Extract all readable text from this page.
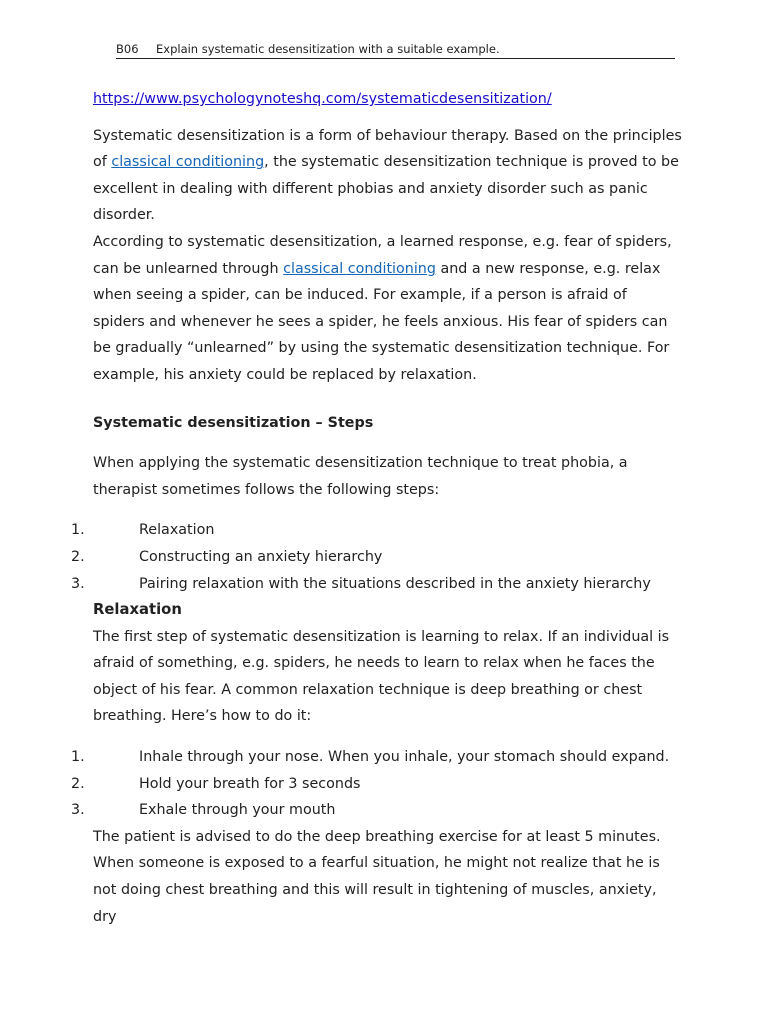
B06 Explain systematic desensitization with a suitable example.

https://www.psychologynoteshq.com/systematicdesensitization/

Systematic desensitization is a form of behaviour therapy. Based on the principles of classical conditioning, the systematic desensitization technique is proved to be excellent in dealing with different phobias and anxiety disorder such as panic disorder.

According to systematic desensitization, a learned response, e.g. fear of spiders, can be unlearned through classical conditioning and a new response, e.g. relax when seeing a spider, can be induced. For example, if a person is afraid of spiders and whenever he sees a spider, he feels anxious. His fear of spiders can be gradually “unlearned” by using the systematic desensitization technique. For example, his anxiety could be replaced by relaxation.

Systematic desensitization – Steps

When applying the systematic desensitization technique to treat phobia, a therapist sometimes follows the following steps:

1.	Relaxation
2.	Constructing an anxiety hierarchy
3.	Pairing relaxation with the situations described in the anxiety hierarchy

Relaxation

The first step of systematic desensitization is learning to relax. If an individual is afraid of something, e.g. spiders, he needs to learn to relax when he faces the object of his fear. A common relaxation technique is deep breathing or chest breathing. Here’s how to do it:

1.	Inhale through your nose. When you inhale, your stomach should expand.
2.	Hold your breath for 3 seconds
3.	Exhale through your mouth

The patient is advised to do the deep breathing exercise for at least 5 minutes. When someone is exposed to a fearful situation, he might not realize that he is not doing chest breathing and this will result in tightening of muscles, anxiety, dry
